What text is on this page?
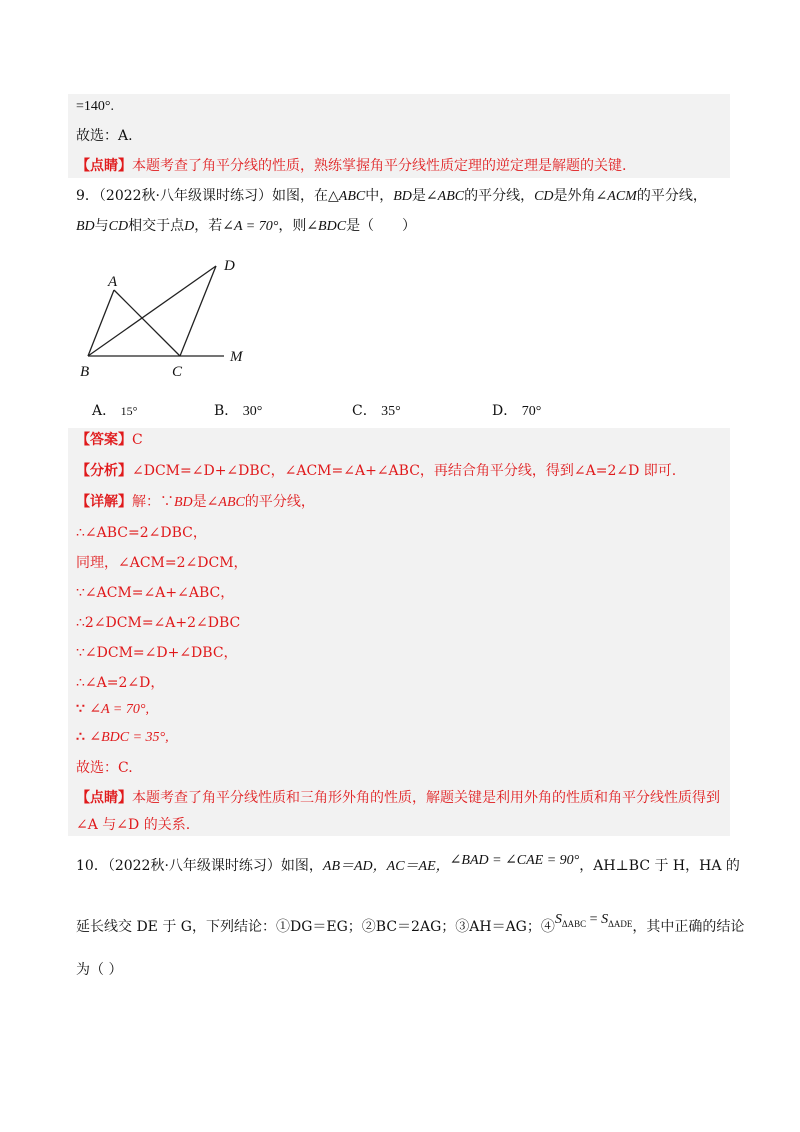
=140°.
故选：A.
【点睛】本题考查了角平分线的性质，熟练掌握角平分线性质定理的逆定理是解题的关键.
9．（2022秋·八年级课时练习）如图，在△ABC中，BD是∠ABC的平分线，CD是外角∠ACM的平分线，
BD与CD相交于点D，若∠A = 70°，则∠BDC是（　　）
A
D
B	C
M
A． 15°	B． 30°	C． 35°	D． 70°
【答案】C
【分析】∠DCM=∠D+∠DBC，∠ACM=∠A+∠ABC，再结合角平分线，得到∠A=2∠D 即可.
【详解】解：∵BD是∠ABC的平分线，
∴∠ABC=2∠DBC，
同理，∠ACM=2∠DCM，
∵∠ACM=∠A+∠ABC，
∴2∠DCM=∠A+2∠DBC
∵∠DCM=∠D+∠DBC，
∴∠A=2∠D，
∵ ∠A = 70°,
∴ ∠BDC = 35°,
故选：C.
【点睛】本题考查了角平分线性质和三角形外角的性质，解题关键是利用外角的性质和角平分线性质得到
∠A 与∠D 的关系.
10．（2022秋·八年级课时练习）如图，AB＝AD，AC＝AE，∠BAD = ∠CAE = 90°，AH⊥BC 于 H，HA 的
延长线交 DE 于 G，下列结论：①DG＝EG；②BC＝2AG；③AH＝AG；$④S_{\Delta ABC} = S_{\Delta ADE}$，其中正确的结论
为（ ）
